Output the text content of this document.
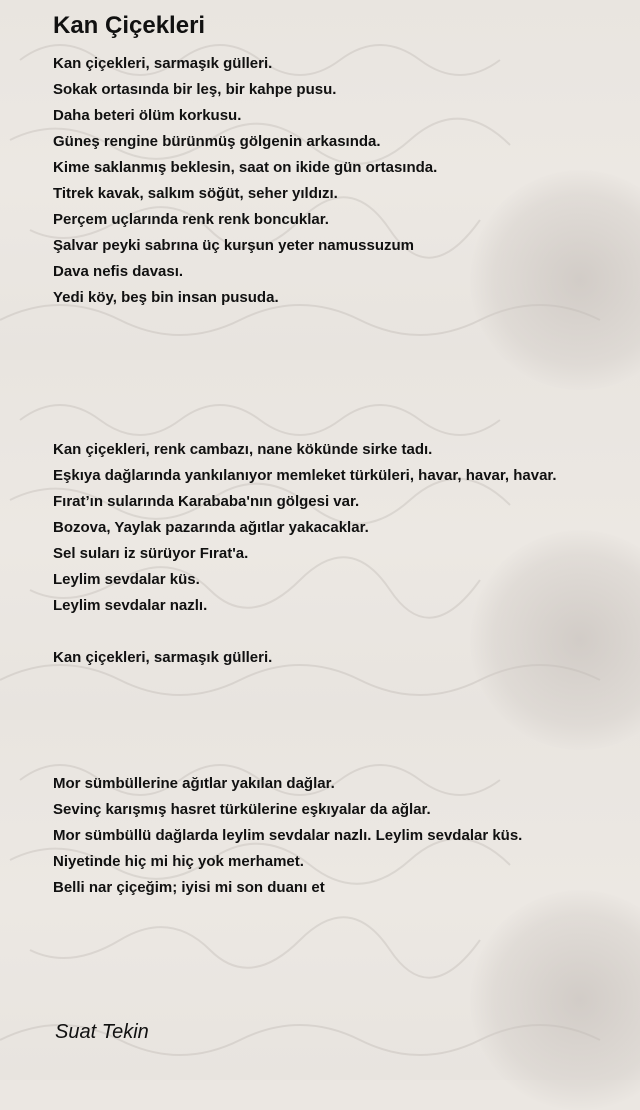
Kan Çiçekleri
Kan çiçekleri, sarmaşık gülleri.
Sokak ortasında bir leş, bir kahpe pusu.
Daha beteri ölüm korkusu.
Güneş rengine bürünmüş gölgenin arkasında.
Kime saklanmış beklesin, saat on ikide gün ortasında.
Titrek kavak, salkım söğüt, seher yıldızı.
Perçem uçlarında renk renk boncuklar.
Şalvar peyki sabrına üç kurşun yeter namussuzum
Dava nefis davası.
Yedi köy, beş bin insan pusuda.
Kan çiçekleri, renk cambazı, nane kökünde sirke tadı.
Eşkıya dağlarında yankılanıyor memleket türküleri, havar, havar, havar.
Fırat’ın sularında Karababa'nın gölgesi var.
Bozova, Yaylak pazarında ağıtlar yakacaklar.
Sel suları iz sürüyor Fırat'a.
Leylim sevdalar küs.
Leylim sevdalar nazlı.
Kan çiçekleri, sarmaşık gülleri.
Mor sümbüllerine ağıtlar yakılan dağlar.
Sevinç karışmış hasret türkülerine eşkıyalar da ağlar.
Mor sümbüllü dağlarda leylim sevdalar nazlı. Leylim sevdalar küs.
Niyetinde hiç mi hiç yok merhamet.
Belli nar çiçeğim; iyisi mi son duanı et
Suat Tekin
